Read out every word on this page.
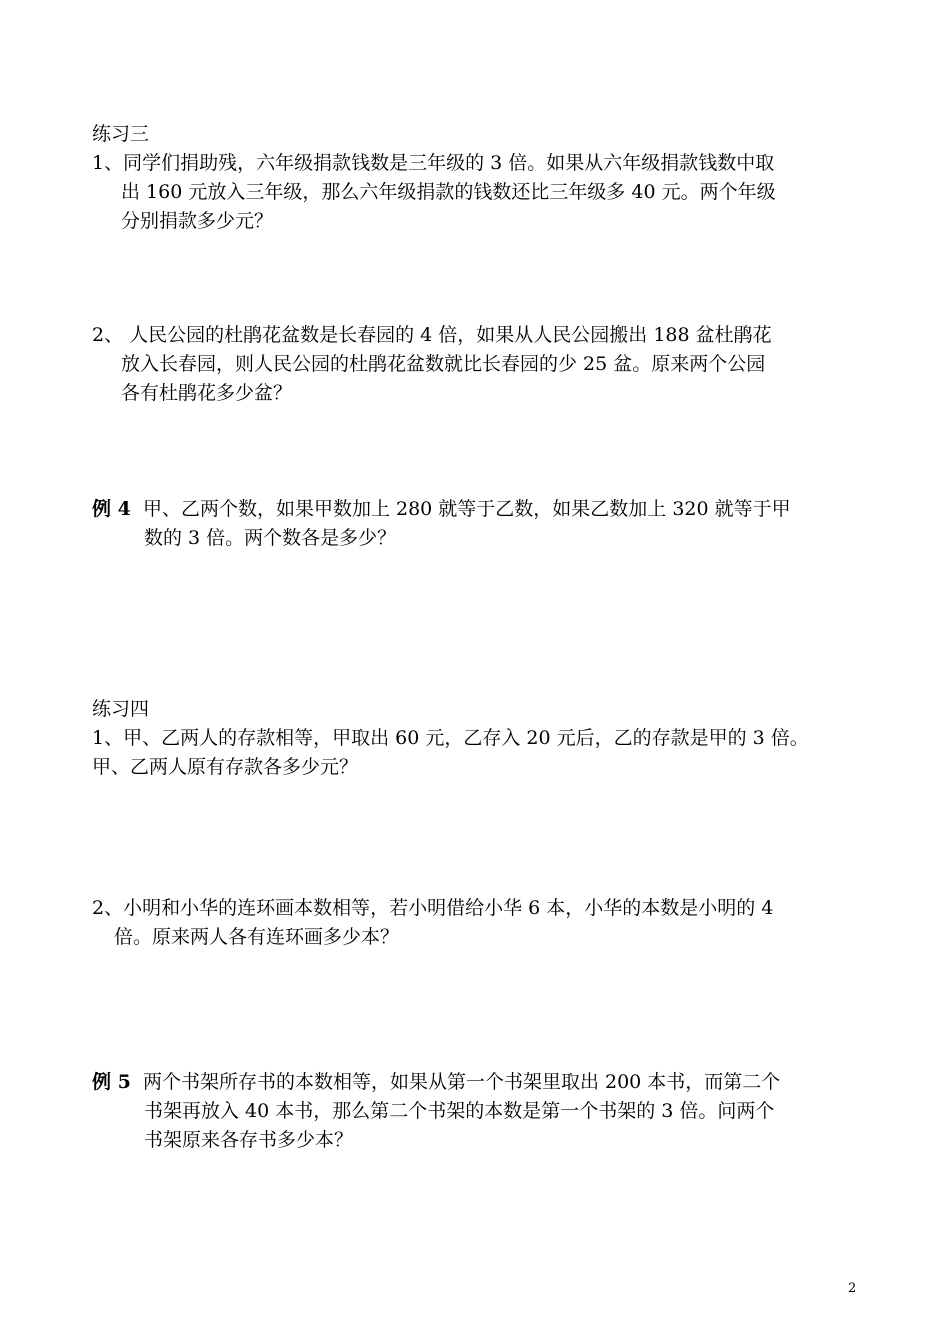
练习三
1、同学们捐助残，六年级捐款钱数是三年级的 3 倍。如果从六年级捐款钱数中取
出 160 元放入三年级，那么六年级捐款的钱数还比三年级多 40 元。两个年级
分别捐款多少元？
2、 人民公园的杜鹃花盆数是长春园的 4 倍，如果从人民公园搬出 188 盆杜鹃花
放入长春园，则人民公园的杜鹃花盆数就比长春园的少 25 盆。原来两个公园
各有杜鹃花多少盆？
例 4 甲、乙两个数，如果甲数加上 280 就等于乙数，如果乙数加上 320 就等于甲
数的 3 倍。两个数各是多少？
练习四
1、甲、乙两人的存款相等，甲取出 60 元，乙存入 20 元后，乙的存款是甲的 3 倍。
甲、乙两人原有存款各多少元？
2、小明和小华的连环画本数相等，若小明借给小华 6 本，小华的本数是小明的 4
倍。原来两人各有连环画多少本？
例 5 两个书架所存书的本数相等，如果从第一个书架里取出 200 本书，而第二个
书架再放入 40 本书，那么第二个书架的本数是第一个书架的 3 倍。问两个
书架原来各存书多少本？
2
